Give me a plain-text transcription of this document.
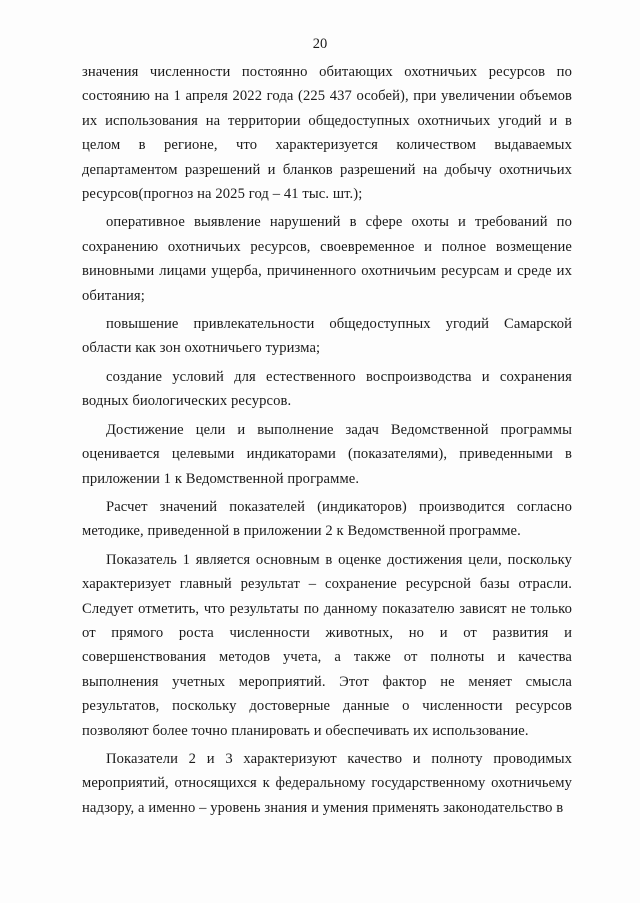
20

значения численности постоянно обитающих охотничьих ресурсов по состоянию на 1 апреля 2022 года (225 437 особей), при увеличении объемов их использования на территории общедоступных охотничьих угодий и в целом в регионе, что характеризуется количеством выдаваемых департаментом разрешений и бланков разрешений на добычу охотничьих ресурсов(прогноз на 2025 год – 41 тыс. шт.);

оперативное выявление нарушений в сфере охоты и требований по сохранению охотничьих ресурсов, своевременное и полное возмещение виновными лицами ущерба, причиненного охотничьим ресурсам и среде их обитания;

повышение привлекательности общедоступных угодий Самарской области как зон охотничьего туризма;

создание условий для естественного воспроизводства и сохранения водных биологических ресурсов.

Достижение цели и выполнение задач Ведомственной программы оценивается целевыми индикаторами (показателями), приведенными в приложении 1 к Ведомственной программе.

Расчет значений показателей (индикаторов) производится согласно методике, приведенной в приложении 2 к Ведомственной программе.

Показатель 1 является основным в оценке достижения цели, поскольку характеризует главный результат – сохранение ресурсной базы отрасли. Следует отметить, что результаты по данному показателю зависят не только от прямого роста численности животных, но и от развития и совершенствования методов учета, а также от полноты и качества выполнения учетных мероприятий. Этот фактор не меняет смысла результатов, поскольку достоверные данные о численности ресурсов позволяют более точно планировать и обеспечивать их использование.

Показатели 2 и 3 характеризуют качество и полноту проводимых мероприятий, относящихся к федеральному государственному охотничьему надзору, а именно – уровень знания и умения применять законодательство в
